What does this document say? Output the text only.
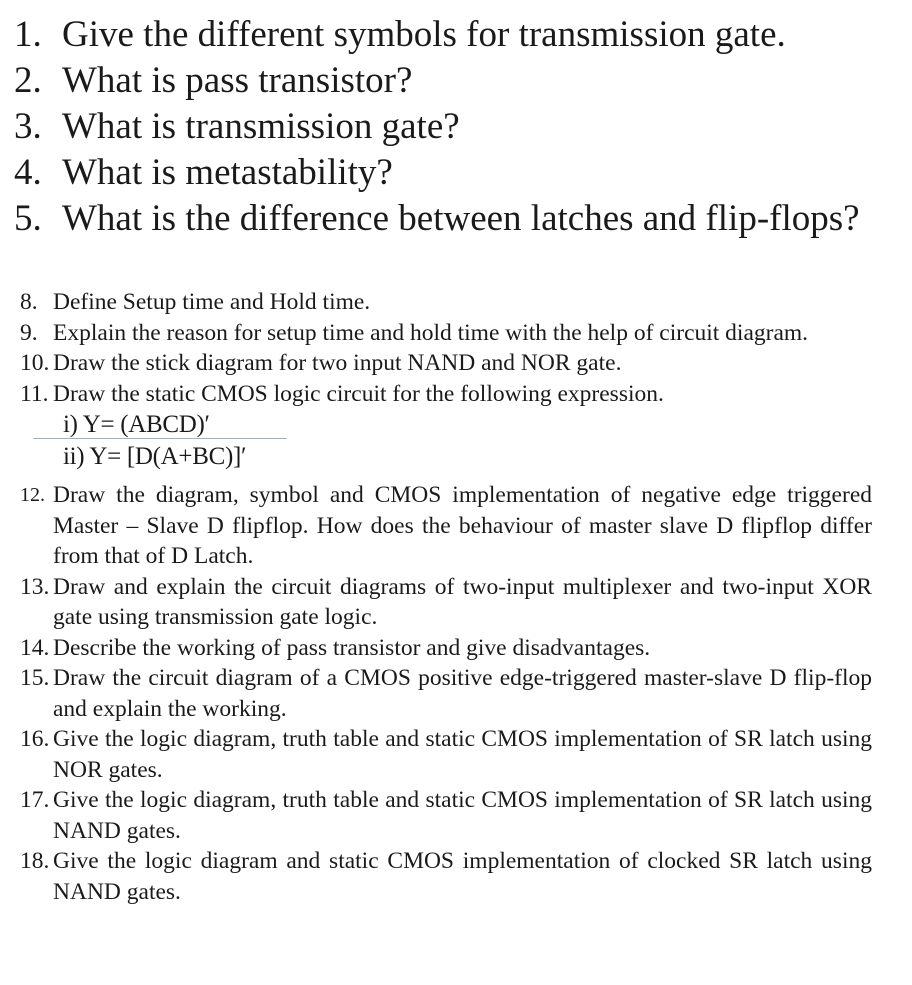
1. Give the different symbols for transmission gate.
2. What is pass transistor?
3. What is transmission gate?
4. What is metastability?
5. What is the difference between latches and flip-flops?
8. Define Setup time and Hold time.
9. Explain the reason for setup time and hold time with the help of circuit diagram.
10. Draw the stick diagram for two input NAND and NOR gate.
11. Draw the static CMOS logic circuit for the following expression.
i) Y= (ABCD)′
ii) Y= [D(A+BC)]′
12. Draw the diagram, symbol and CMOS implementation of negative edge triggered Master – Slave D flipflop. How does the behaviour of master slave D flipflop differ from that of D Latch.
13. Draw and explain the circuit diagrams of two-input multiplexer and two-input XOR gate using transmission gate logic.
14. Describe the working of pass transistor and give disadvantages.
15. Draw the circuit diagram of a CMOS positive edge-triggered master-slave D flip-flop and explain the working.
16. Give the logic diagram, truth table and static CMOS implementation of SR latch using NOR gates.
17. Give the logic diagram, truth table and static CMOS implementation of SR latch using NAND gates.
18. Give the logic diagram and static CMOS implementation of clocked SR latch using NAND gates.
